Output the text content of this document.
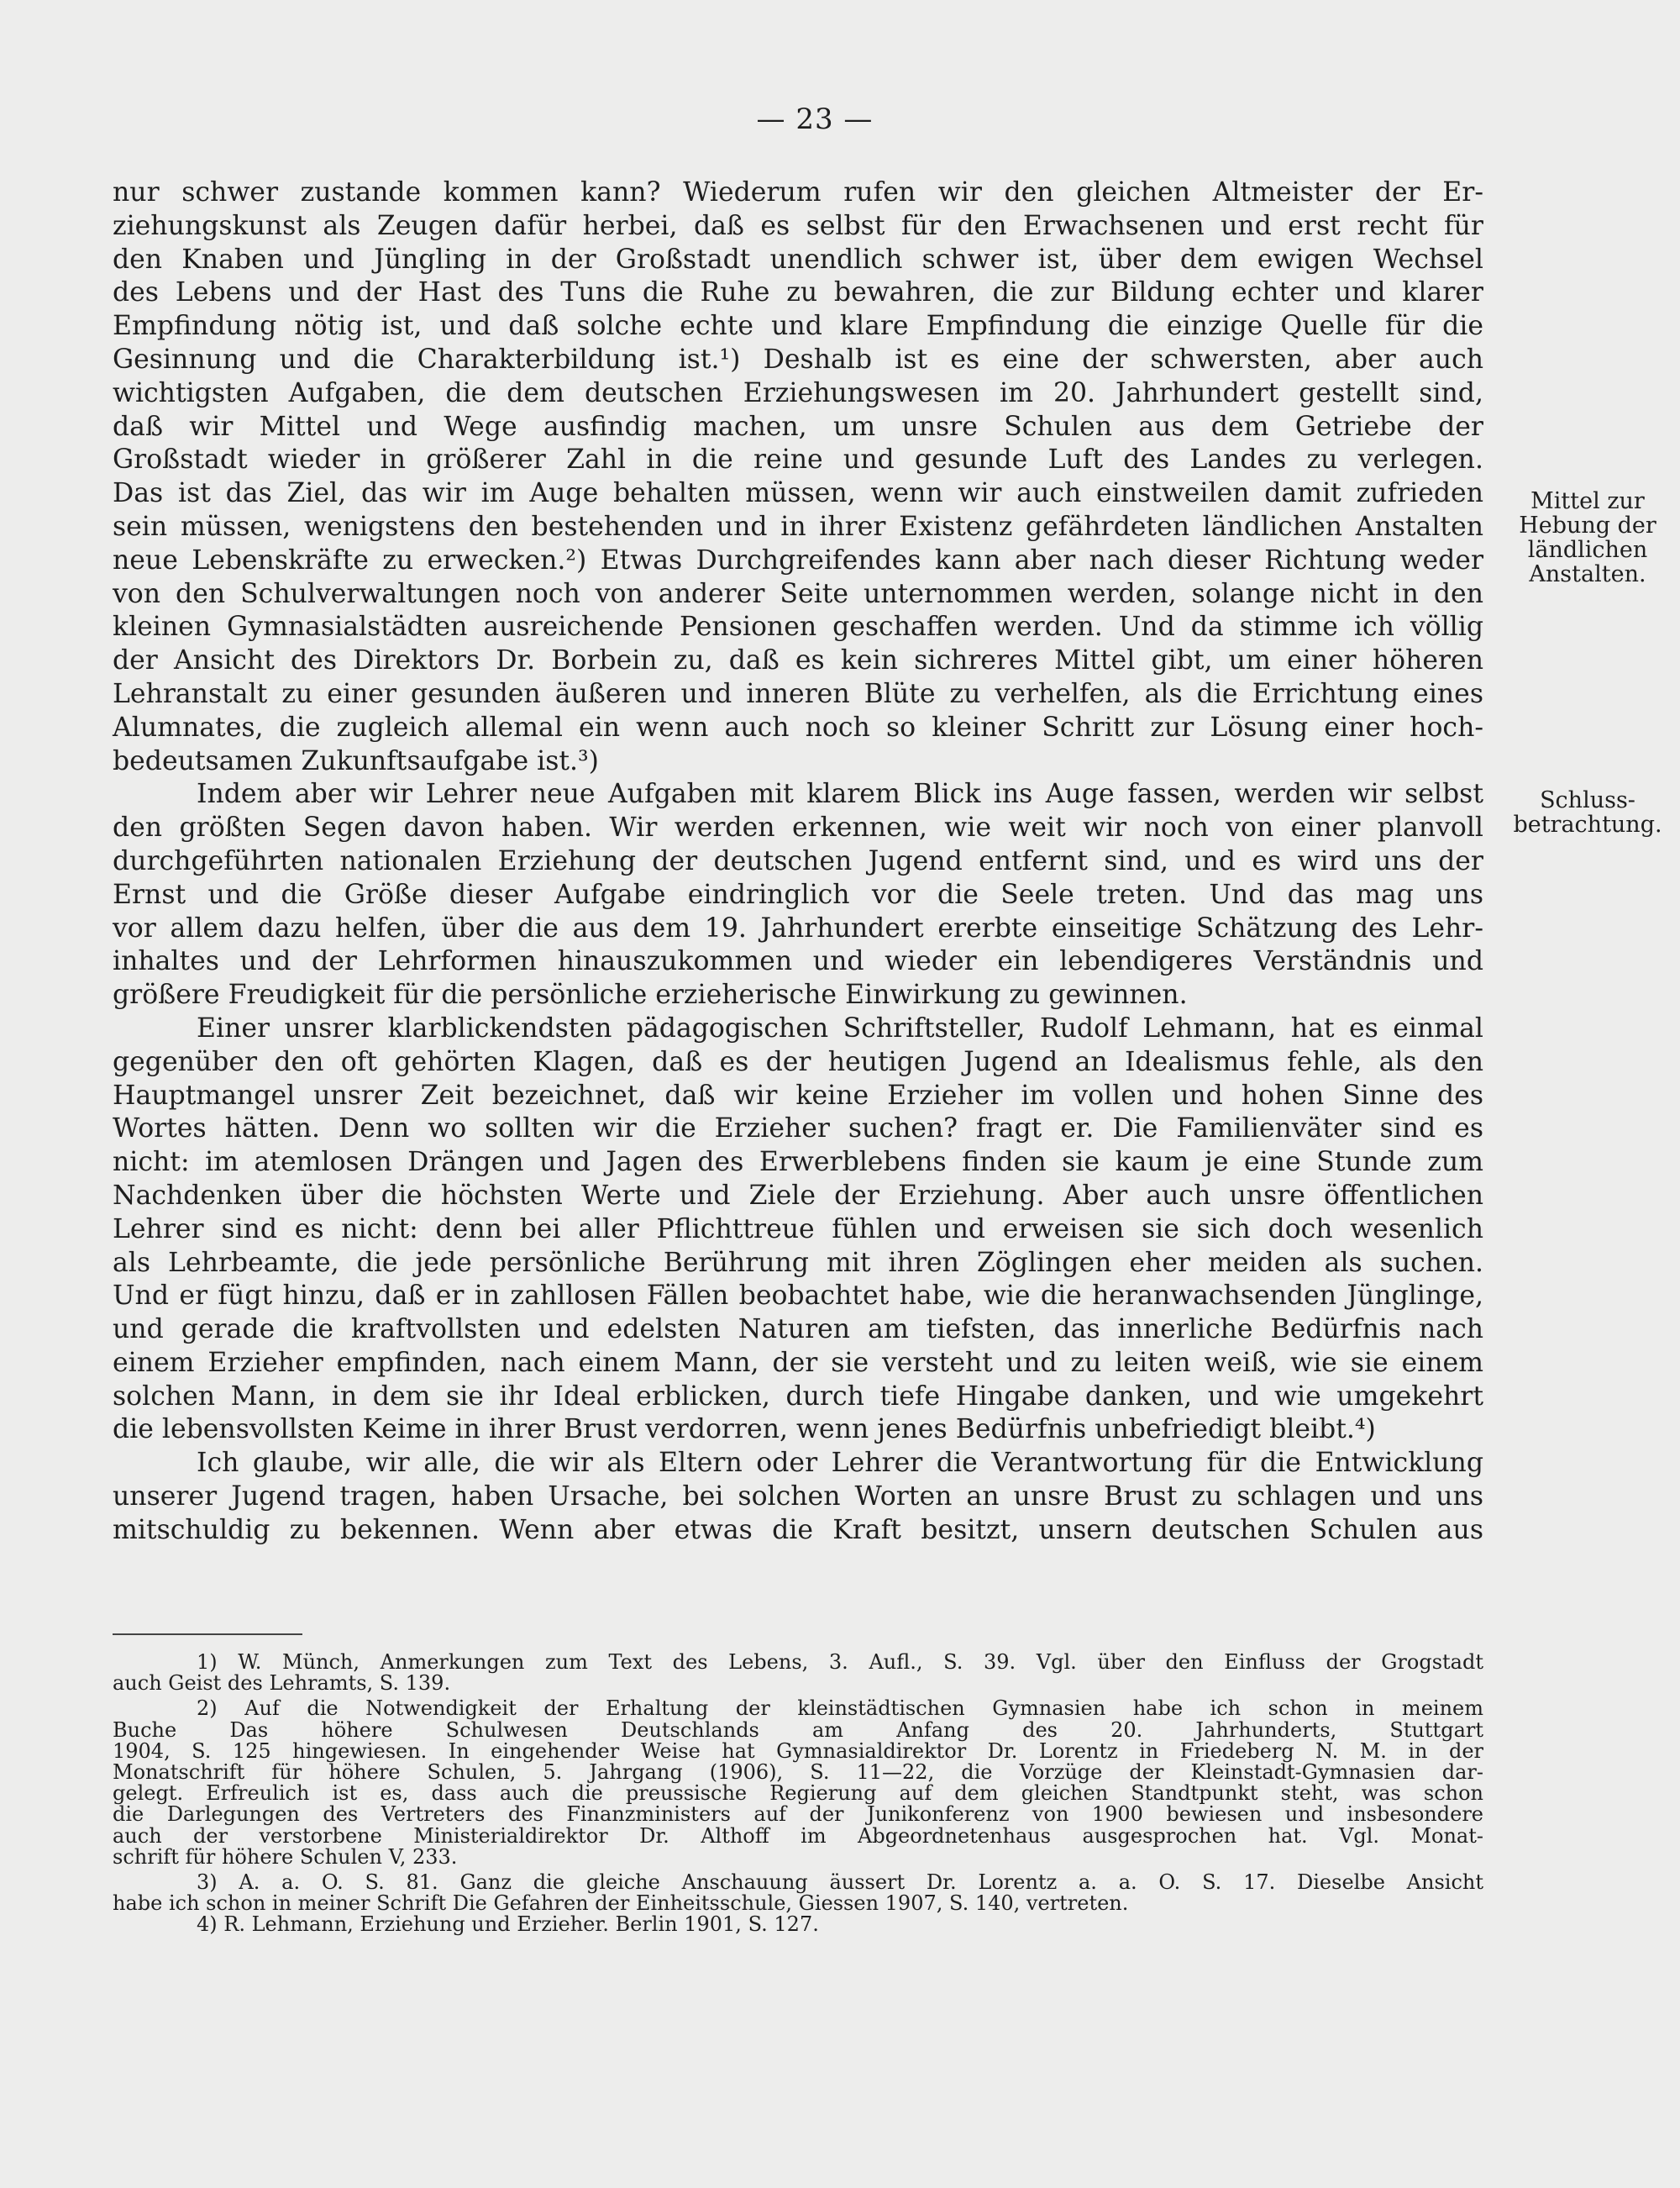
— 23 —
nur schwer zustande kommen kann? Wiederum rufen wir den gleichen Altmeister der Er-
ziehungskunst als Zeugen dafür herbei, daß es selbst für den Erwachsenen und erst recht für
den Knaben und Jüngling in der Großstadt unendlich schwer ist, über dem ewigen Wechsel
des Lebens und der Hast des Tuns die Ruhe zu bewahren, die zur Bildung echter und klarer
Empfindung nötig ist, und daß solche echte und klare Empfindung die einzige Quelle für die
Gesinnung und die Charakterbildung ist.¹) Deshalb ist es eine der schwersten, aber auch
wichtigsten Aufgaben, die dem deutschen Erziehungswesen im 20. Jahrhundert gestellt sind,
daß wir Mittel und Wege ausfindig machen, um unsre Schulen aus dem Getriebe der
Großstadt wieder in größerer Zahl in die reine und gesunde Luft des Landes zu verlegen.
Das ist das Ziel, das wir im Auge behalten müssen, wenn wir auch einstweilen damit zufrieden
sein müssen, wenigstens den bestehenden und in ihrer Existenz gefährdeten ländlichen Anstalten
neue Lebenskräfte zu erwecken.²) Etwas Durchgreifendes kann aber nach dieser Richtung weder
von den Schulverwaltungen noch von anderer Seite unternommen werden, solange nicht in den
kleinen Gymnasialstädten ausreichende Pensionen geschaffen werden. Und da stimme ich völlig
der Ansicht des Direktors Dr. Borbein zu, daß es kein sichreres Mittel gibt, um einer höheren
Lehranstalt zu einer gesunden äußeren und inneren Blüte zu verhelfen, als die Errichtung eines
Alumnates, die zugleich allemal ein wenn auch noch so kleiner Schritt zur Lösung einer hoch-
bedeutsamen Zukunftsaufgabe ist.³)
Indem aber wir Lehrer neue Aufgaben mit klarem Blick ins Auge fassen, werden wir selbst
den größten Segen davon haben. Wir werden erkennen, wie weit wir noch von einer planvoll
durchgeführten nationalen Erziehung der deutschen Jugend entfernt sind, und es wird uns der
Ernst und die Größe dieser Aufgabe eindringlich vor die Seele treten. Und das mag uns
vor allem dazu helfen, über die aus dem 19. Jahrhundert ererbte einseitige Schätzung des Lehr-
inhaltes und der Lehrformen hinauszukommen und wieder ein lebendigeres Verständnis und
größere Freudigkeit für die persönliche erzieherische Einwirkung zu gewinnen.
Einer unsrer klarblickendsten pädagogischen Schriftsteller, Rudolf Lehmann, hat es einmal
gegenüber den oft gehörten Klagen, daß es der heutigen Jugend an Idealismus fehle, als den
Hauptmangel unsrer Zeit bezeichnet, daß wir keine Erzieher im vollen und hohen Sinne des
Wortes hätten. Denn wo sollten wir die Erzieher suchen? fragt er. Die Familienväter sind es
nicht: im atemlosen Drängen und Jagen des Erwerblebens finden sie kaum je eine Stunde zum
Nachdenken über die höchsten Werte und Ziele der Erziehung. Aber auch unsre öffentlichen
Lehrer sind es nicht: denn bei aller Pflichttreue fühlen und erweisen sie sich doch wesenlich
als Lehrbeamte, die jede persönliche Berührung mit ihren Zöglingen eher meiden als suchen.
Und er fügt hinzu, daß er in zahllosen Fällen beobachtet habe, wie die heranwachsenden Jünglinge,
und gerade die kraftvollsten und edelsten Naturen am tiefsten, das innerliche Bedürfnis nach
einem Erzieher empfinden, nach einem Mann, der sie versteht und zu leiten weiß, wie sie einem
solchen Mann, in dem sie ihr Ideal erblicken, durch tiefe Hingabe danken, und wie umgekehrt
die lebensvollsten Keime in ihrer Brust verdorren, wenn jenes Bedürfnis unbefriedigt bleibt.⁴)
Ich glaube, wir alle, die wir als Eltern oder Lehrer die Verantwortung für die Entwicklung
unserer Jugend tragen, haben Ursache, bei solchen Worten an unsre Brust zu schlagen und uns
mitschuldig zu bekennen. Wenn aber etwas die Kraft besitzt, unsern deutschen Schulen aus
Mittel zur
Hebung der
ländlichen
Anstalten.
Schluss-
betrachtung.
1) W. Münch, Anmerkungen zum Text des Lebens, 3. Aufl., S. 39. Vgl. über den Einfluss der Grogstadt
auch Geist des Lehramts, S. 139.
2) Auf die Notwendigkeit der Erhaltung der kleinstädtischen Gymnasien habe ich schon in meinem
Buche Das höhere Schulwesen Deutschlands am Anfang des 20. Jahrhunderts, Stuttgart
1904, S. 125 hingewiesen. In eingehender Weise hat Gymnasialdirektor Dr. Lorentz in Friedeberg N. M. in der
Monatschrift für höhere Schulen, 5. Jahrgang (1906), S. 11—22, die Vorzüge der Kleinstadt-Gymnasien dar-
gelegt. Erfreulich ist es, dass auch die preussische Regierung auf dem gleichen Standtpunkt steht, was schon
die Darlegungen des Vertreters des Finanzministers auf der Junikonferenz von 1900 bewiesen und insbesondere
auch der verstorbene Ministerialdirektor Dr. Althoff im Abgeordnetenhaus ausgesprochen hat. Vgl. Monat-
schrift für höhere Schulen V, 233.
3) A. a. O. S. 81. Ganz die gleiche Anschauung äussert Dr. Lorentz a. a. O. S. 17. Dieselbe Ansicht
habe ich schon in meiner Schrift Die Gefahren der Einheitsschule, Giessen 1907, S. 140, vertreten.
4) R. Lehmann, Erziehung und Erzieher. Berlin 1901, S. 127.
